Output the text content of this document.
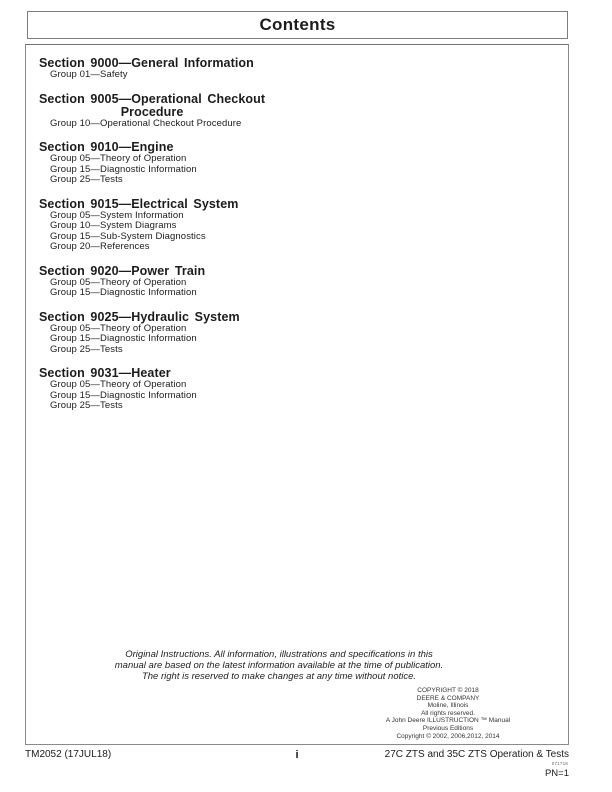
Contents
Section 9000—General Information
Group 01—Safety
Section 9005—Operational Checkout
Procedure
Group 10—Operational Checkout Procedure
Section 9010—Engine
Group 05—Theory of Operation
Group 15—Diagnostic Information
Group 25—Tests
Section 9015—Electrical System
Group 05—System Information
Group 10—System Diagrams
Group 15—Sub-System Diagnostics
Group 20—References
Section 9020—Power Train
Group 05—Theory of Operation
Group 15—Diagnostic Information
Section 9025—Hydraulic System
Group 05—Theory of Operation
Group 15—Diagnostic Information
Group 25—Tests
Section 9031—Heater
Group 05—Theory of Operation
Group 15—Diagnostic Information
Group 25—Tests
Original Instructions. All information, illustrations and specifications in this
manual are based on the latest information available at the time of publication.
The right is reserved to make changes at any time without notice.
COPYRIGHT © 2018
DEERE & COMPANY
Moline, Illinois
All rights reserved.
A John Deere ILLUSTRUCTION ™ Manual
Previous Editions
Copyright © 2002, 2006,2012, 2014
TM2052 (17JUL18)	i	27C ZTS and 35C ZTS Operation & Tests
071718
PN=1
